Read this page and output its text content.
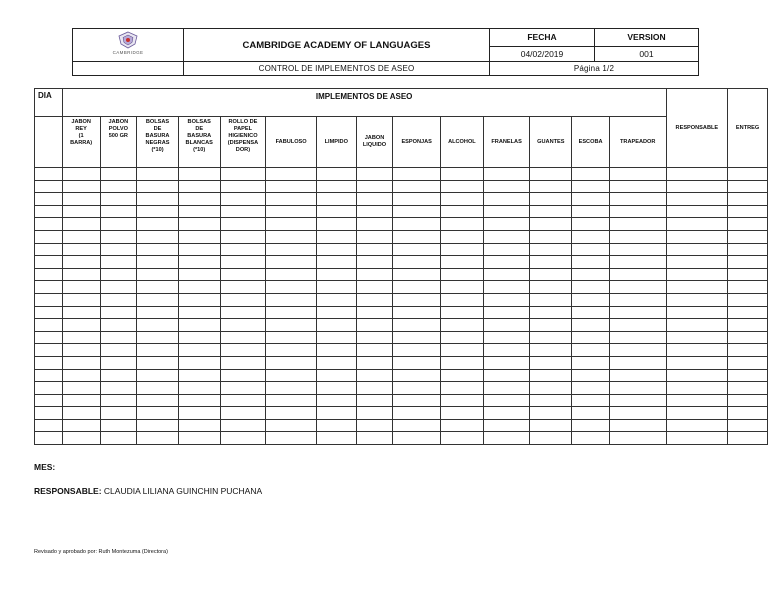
CAMBRIDGE	CAMBRIDGE ACADEMY OF LANGUAGES	FECHA	VERSION
		04/02/2019	001
	CONTROL DE IMPLEMENTOS DE ASEO	Página 1/2	
DIA	IMPLEMENTOS DE ASEO														RESPONSABLE	ENTREG
	JABON
REY
(1
BARRA)	JABON
POLVO
500 GR	BOLSAS
DE
BASURA
NEGRAS
(*10)	BOLSAS
DE
BASURA
BLANCAS
(*10)	ROLLO DE
PAPEL
HIGIENICO
(DISPENSA
DOR)	FABULOSO	LIMPIDO	JABON
LIQUIDO	ESPONJAS	ALCOHOL	FRANELAS	GUANTES	ESCOBA	TRAPEADOR		

MES:
RESPONSABLE: CLAUDIA LILIANA GUINCHIN PUCHANA
Revisado y aprobado por: Ruth Montezuma (Directora)
